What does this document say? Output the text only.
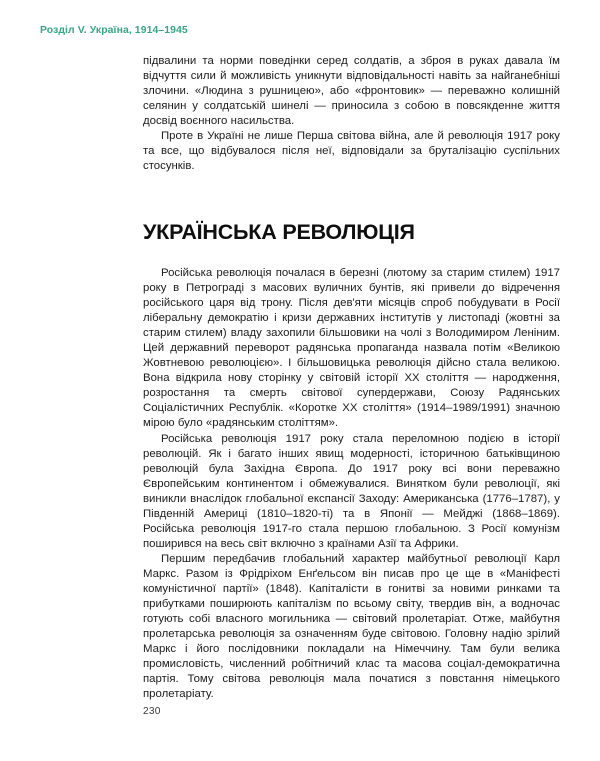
Розділ V. Україна, 1914–1945

підвалини та норми поведінки серед солдатів, а зброя в руках давала їм відчуття сили й можливість уникнути відповідальності навіть за найганебніші злочини. «Людина з рушницею», або «фронтовик» — переважно колишній селянин у солдатській шинелі — приносила з собою в повсякденне життя досвід воєнного насильства.

Проте в Україні не лише Перша світова війна, але й революція 1917 року та все, що відбувалося після неї, відповідали за бруталізацію суспільних стосунків.

УКРАЇНСЬКА РЕВОЛЮЦІЯ

Російська революція почалася в березні (лютому за старим стилем) 1917 року в Петрограді з масових вуличних бунтів, які привели до відречення російського царя від трону. Після дев'яти місяців спроб побудувати в Росії ліберальну демократію і кризи державних інститутів у листопаді (жовтні за старим стилем) владу захопили більшовики на чолі з Володимиром Леніним. Цей державний переворот радянська пропаганда назвала потім «Великою Жовтневою революцією». І більшовицька революція дійсно стала великою. Вона відкрила нову сторінку у світовій історії XX століття — народження, розростання та смерть світової супердержави, Союзу Радянських Соціалістичних Республік. «Коротке XX століття» (1914–1989/1991) значною мірою було «радянським століттям».

Російська революція 1917 року стала переломною подією в історії революцій. Як і багато інших явищ модерності, історичною батьківщиною революцій була Західна Європа. До 1917 року всі вони переважно Європейським континентом і обмежувалися. Винятком були революції, які виникли внаслідок глобальної експансії Заходу: Американська (1776–1787), у Південній Америці (1810–1820-ті) та в Японії — Мейджі (1868–1869). Російська революція 1917-го стала першою глобальною. З Росії комунізм поширився на весь світ включно з країнами Азії та Африки.

Першим передбачив глобальний характер майбутньої революції Карл Маркс. Разом із Фрідріхом Енґельсом він писав про це ще в «Маніфесті комуністичної партії» (1848). Капіталісти в гонитві за новими ринками та прибутками поширюють капіталізм по всьому світу, твердив він, а водночас готують собі власного могильника — світовий пролетаріат. Отже, майбутня пролетарська революція за означенням буде світовою. Головну надію зрілий Маркс і його послідовники покладали на Німеччину. Там були велика промисловість, численний робітничий клас та масова соціал-демократична партія. Тому світова революція мала початися з повстання німецького пролетаріату.

230
